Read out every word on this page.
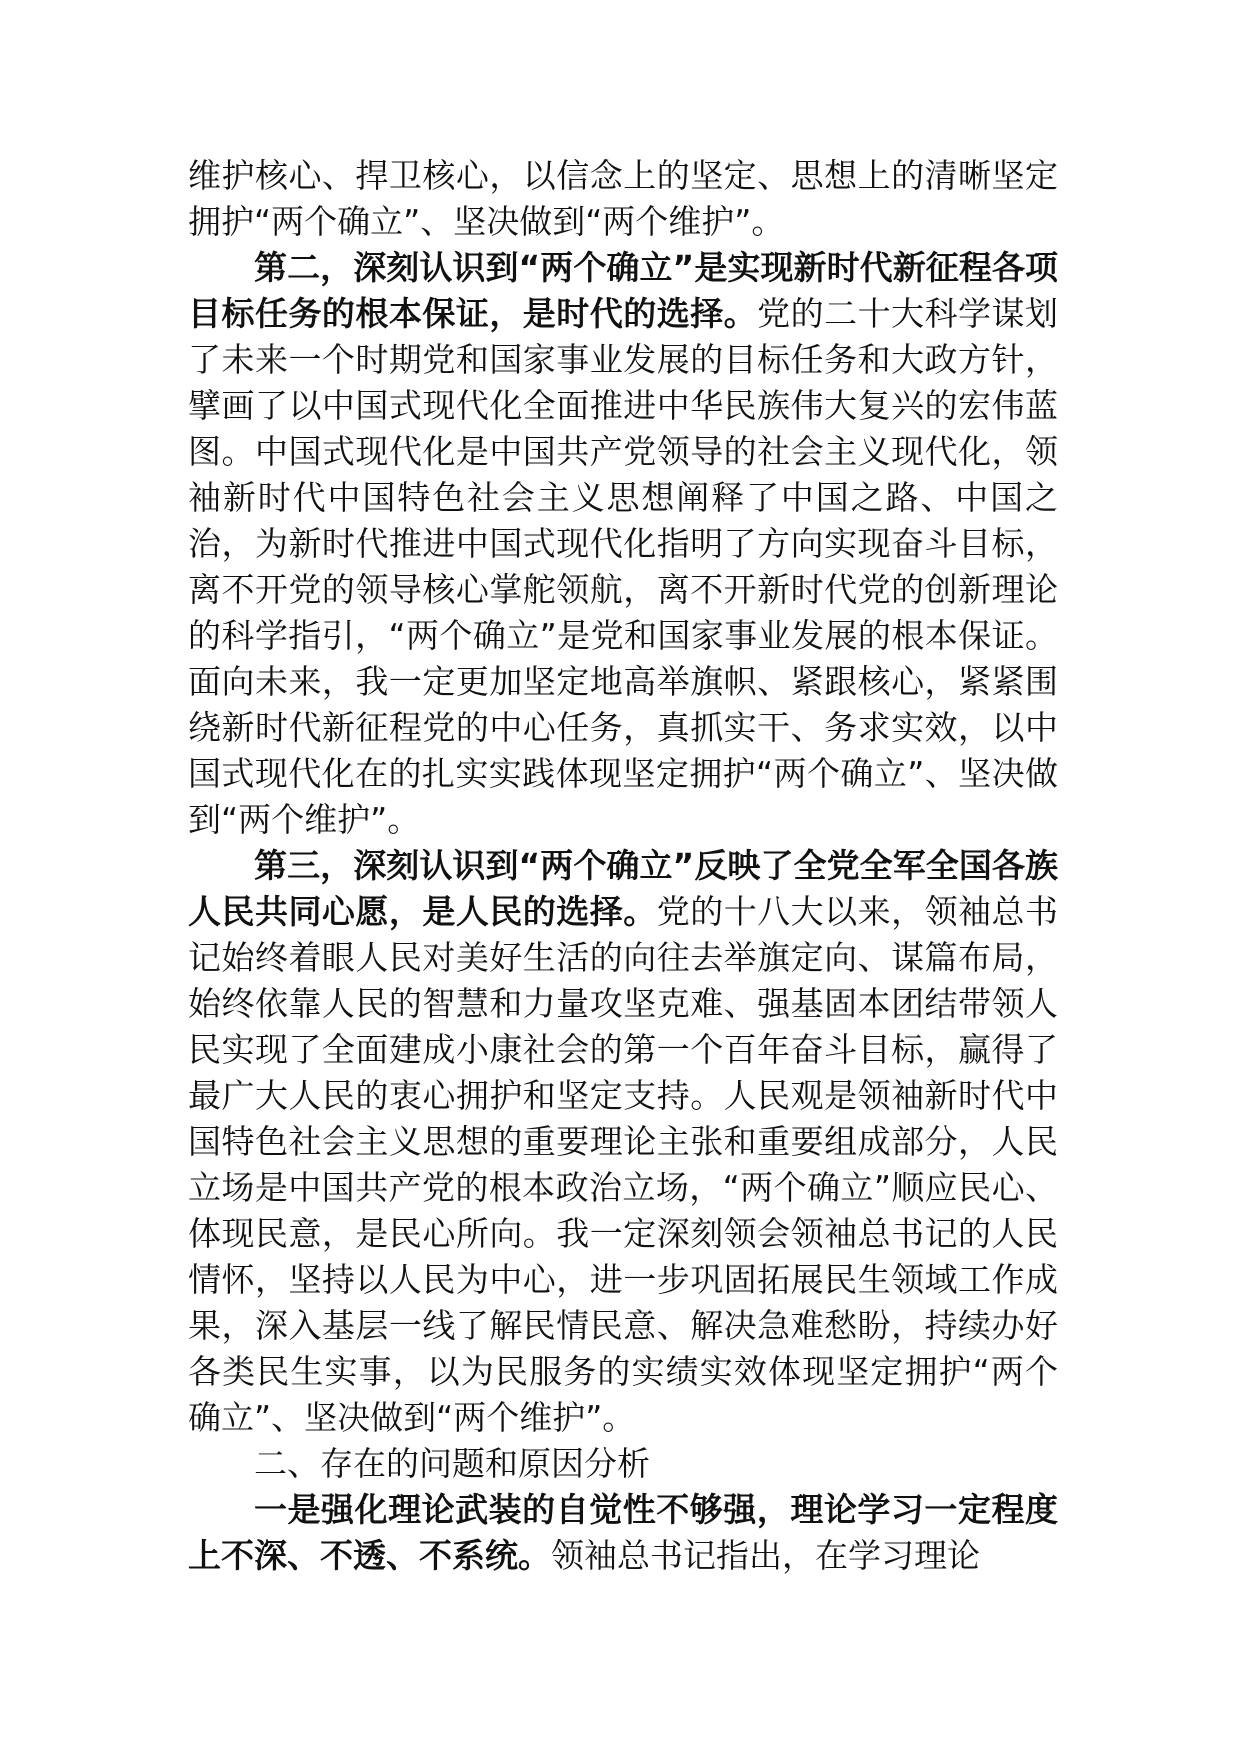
维护核心、捍卫核心，以信念上的坚定、思想上的清晰坚定拥护“两个确立”、坚决做到“两个维护”。

第二，深刻认识到“两个确立”是实现新时代新征程各项目标任务的根本保证，是时代的选择。党的二十大科学谋划了未来一个时期党和国家事业发展的目标任务和大政方针，擘画了以中国式现代化全面推进中华民族伟大复兴的宏伟蓝图。中国式现代化是中国共产党领导的社会主义现代化，领袖新时代中国特色社会主义思想阐释了中国之路、中国之治，为新时代推进中国式现代化指明了方向实现奋斗目标，离不开党的领导核心掌舵领航，离不开新时代党的创新理论的科学指引，“两个确立”是党和国家事业发展的根本保证。面向未来，我一定更加坚定地高举旗帜、紧跟核心，紧紧围绕新时代新征程党的中心任务，真抓实干、务求实效，以中国式现代化在的扎实实践体现坚定拥护“两个确立”、坚决做到“两个维护”。

第三，深刻认识到“两个确立”反映了全党全军全国各族人民共同心愿，是人民的选择。党的十八大以来，领袖总书记始终着眼人民对美好生活的向往去举旗定向、谋篇布局，始终依靠人民的智慧和力量攻坚克难、强基固本团结带领人民实现了全面建成小康社会的第一个百年奋斗目标，赢得了最广大人民的衷心拥护和坚定支持。人民观是领袖新时代中国特色社会主义思想的重要理论主张和重要组成部分，人民立场是中国共产党的根本政治立场，“两个确立”顺应民心、体现民意，是民心所向。我一定深刻领会领袖总书记的人民情怀，坚持以人民为中心，进一步巩固拓展民生领域工作成果，深入基层一线了解民情民意、解决急难愁盼，持续办好各类民生实事，以为民服务的实绩实效体现坚定拥护“两个确立”、坚决做到“两个维护”。

二、存在的问题和原因分析

一是强化理论武装的自觉性不够强，理论学习一定程度上不深、不透、不系统。领袖总书记指出，在学习理论
